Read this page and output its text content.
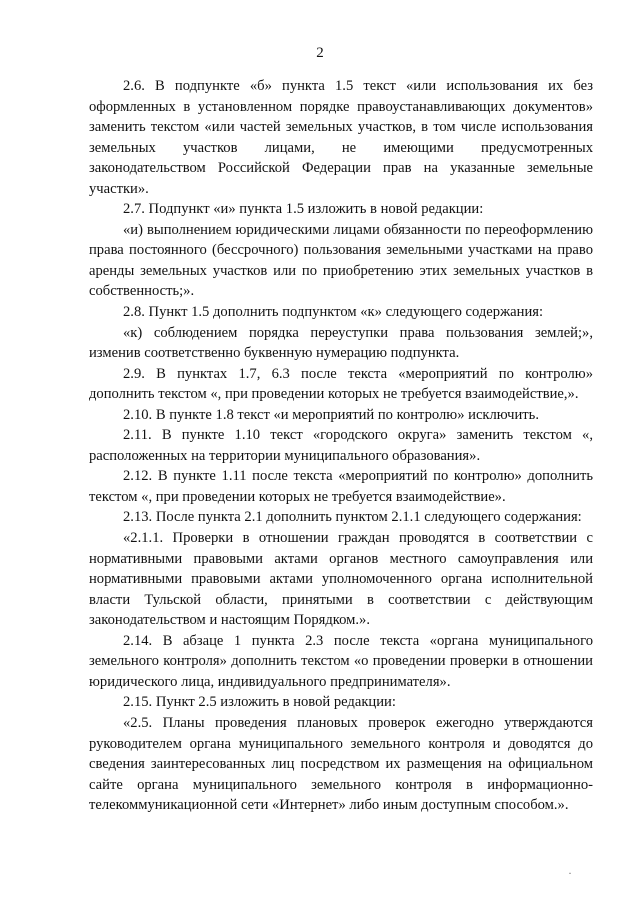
2

2.6. В подпункте «б» пункта 1.5 текст «или использования их без оформленных в установленном порядке правоустанавливающих документов» заменить текстом «или частей земельных участков, в том числе использования земельных участков лицами, не имеющими предусмотренных законодательством Российской Федерации прав на указанные земельные участки».

2.7. Подпункт «и» пункта 1.5 изложить в новой редакции:

«и) выполнением юридическими лицами обязанности по переоформлению права постоянного (бессрочного) пользования земельными участками на право аренды земельных участков или по приобретению этих земельных участков в собственность;».

2.8. Пункт 1.5 дополнить подпунктом «к» следующего содержания:

«к) соблюдением порядка переуступки права пользования землей;», изменив соответственно буквенную нумерацию подпункта.

2.9. В пунктах 1.7, 6.3 после текста «мероприятий по контролю» дополнить текстом «, при проведении которых не требуется взаимодействие,».

2.10. В пункте 1.8 текст «и мероприятий по контролю» исключить.

2.11. В пункте 1.10 текст «городского округа» заменить текстом «, расположенных на территории муниципального образования».

2.12. В пункте 1.11 после текста «мероприятий по контролю» дополнить текстом «, при проведении которых не требуется взаимодействие».

2.13. После пункта 2.1 дополнить пунктом 2.1.1 следующего содержания:

«2.1.1. Проверки в отношении граждан проводятся в соответствии с нормативными правовыми актами органов местного самоуправления или нормативными правовыми актами уполномоченного органа исполнительной власти Тульской области, принятыми в соответствии с действующим законодательством и настоящим Порядком.».

2.14. В абзаце 1 пункта 2.3 после текста «органа муниципального земельного контроля» дополнить текстом «о проведении проверки в отношении юридического лица, индивидуального предпринимателя».

2.15. Пункт 2.5 изложить в новой редакции:

«2.5. Планы проведения плановых проверок ежегодно утверждаются руководителем органа муниципального земельного контроля и доводятся до сведения заинтересованных лиц посредством их размещения на официальном сайте органа муниципального земельного контроля в информационно-телекоммуникационной сети «Интернет» либо иным доступным способом.».

·
